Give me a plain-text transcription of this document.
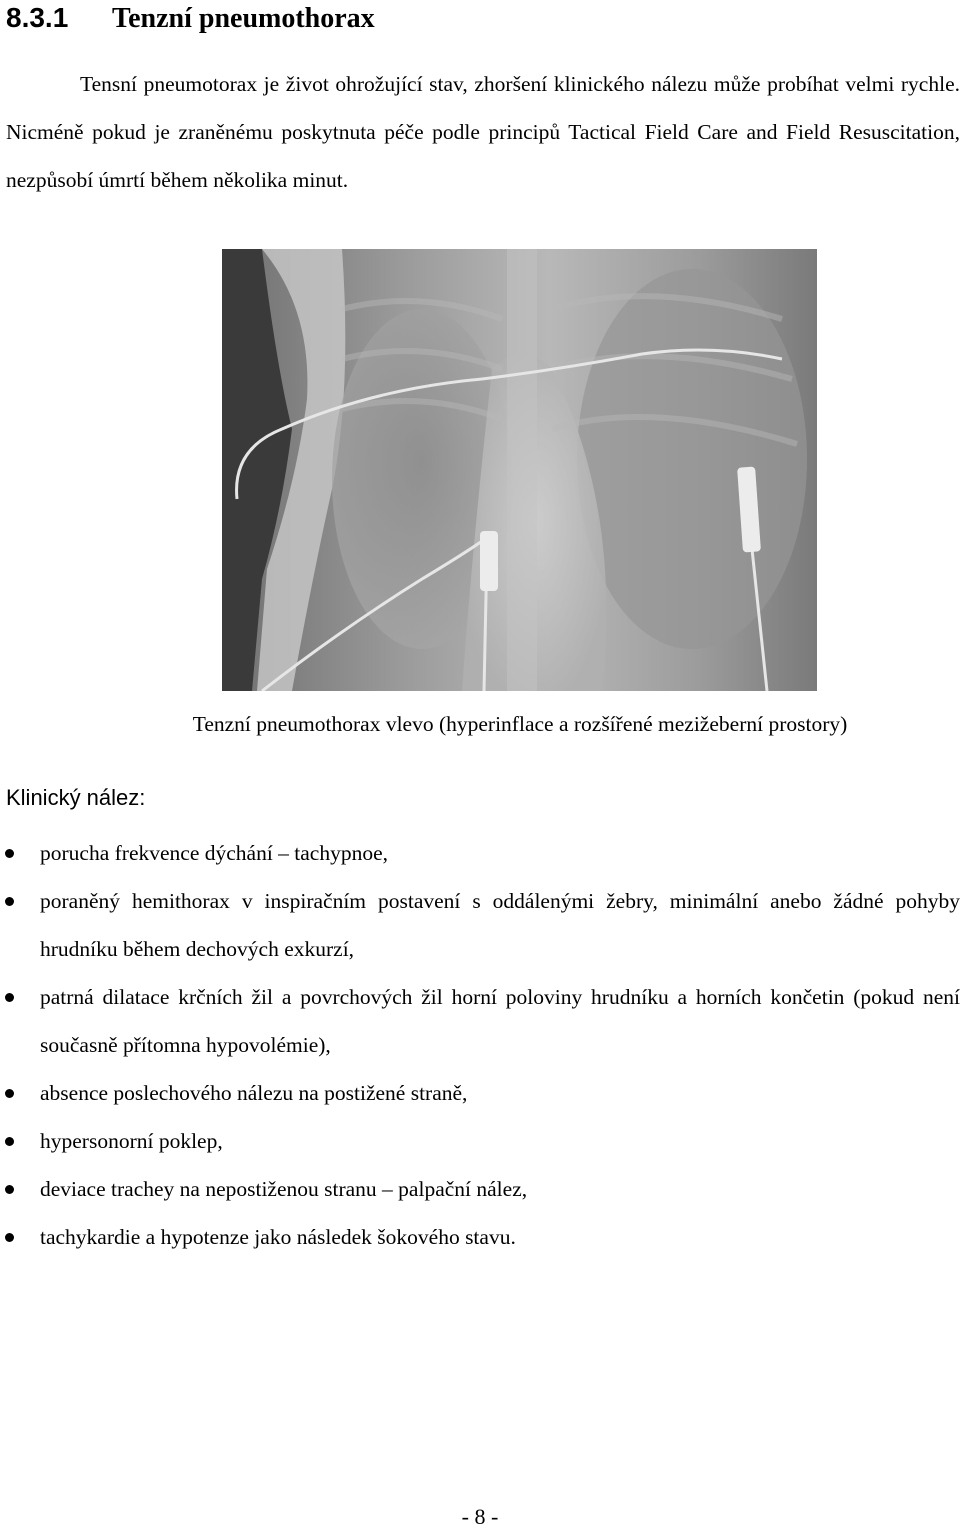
8.3.1 Tenzní pneumothorax

Tensní pneumotorax je život ohrožující stav, zhoršení klinického nálezu může probíhat velmi rychle. Nicméně pokud je zraněnému poskytnuta péče podle principů Tactical Field Care and Field Resuscitation, nezpůsobí úmrtí během několika minut.

Tenzní pneumothorax vlevo (hyperinflace a rozšířené mezižeberní prostory)
Klinický nález:
porucha frekvence dýchání – tachypnoe,
poraněný hemithorax v inspiračním postavení s oddálenými žebry, minimální anebo žádné pohyby hrudníku během dechových exkurzí,
patrná dilatace krčních žil a povrchových žil horní poloviny hrudníku a horních končetin (pokud není současně přítomna hypovolémie),
absence poslechového nálezu na postižené straně,
hypersonorní poklep,
deviace trachey na nepostiženou stranu – palpační nález,
tachykardie a hypotenze jako následek šokového stavu.
- 8 -
